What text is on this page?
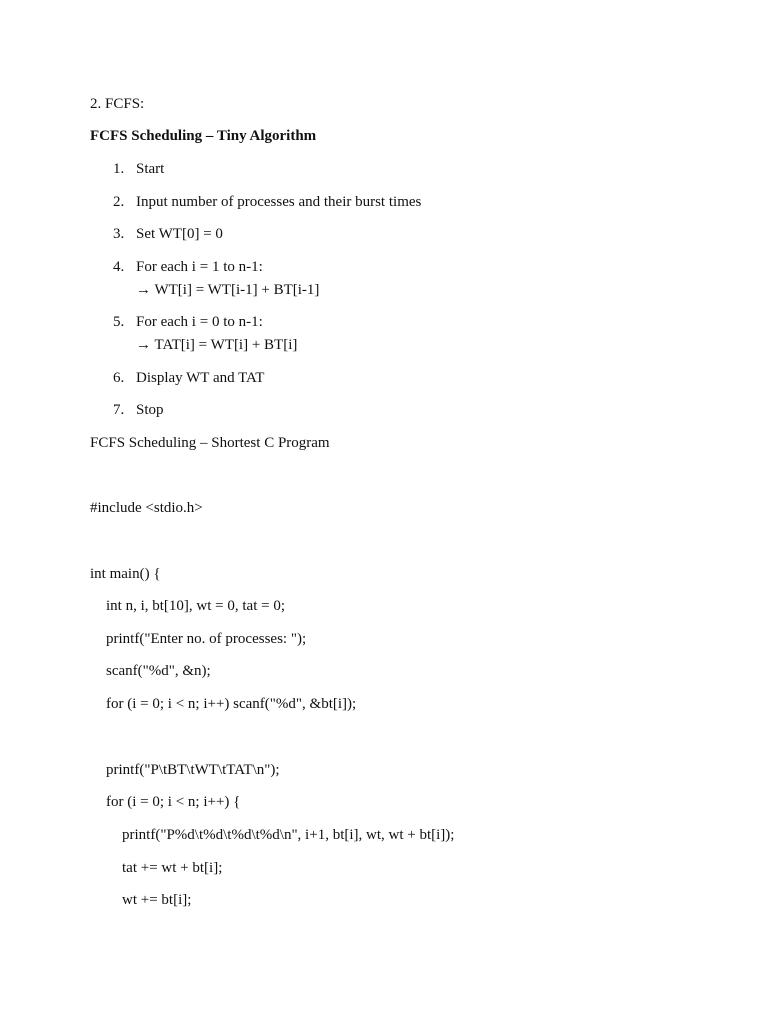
2. FCFS:
FCFS Scheduling – Tiny Algorithm
1. Start
2. Input number of processes and their burst times
3. Set WT[0] = 0
4. For each i = 1 to n-1:
→ WT[i] = WT[i-1] + BT[i-1]
5. For each i = 0 to n-1:
→ TAT[i] = WT[i] + BT[i]
6. Display WT and TAT
7. Stop
FCFS Scheduling – Shortest C Program
#include <stdio.h>
int main() {
int n, i, bt[10], wt = 0, tat = 0;
printf("Enter no. of processes: ");
scanf("%d", &n);
for (i = 0; i < n; i++) scanf("%d", &bt[i]);
printf("P\tBT\tWT\tTAT\n");
for (i = 0; i < n; i++) {
printf("P%d\t%d\t%d\t%d\n", i+1, bt[i], wt, wt + bt[i]);
tat += wt + bt[i];
wt += bt[i];
